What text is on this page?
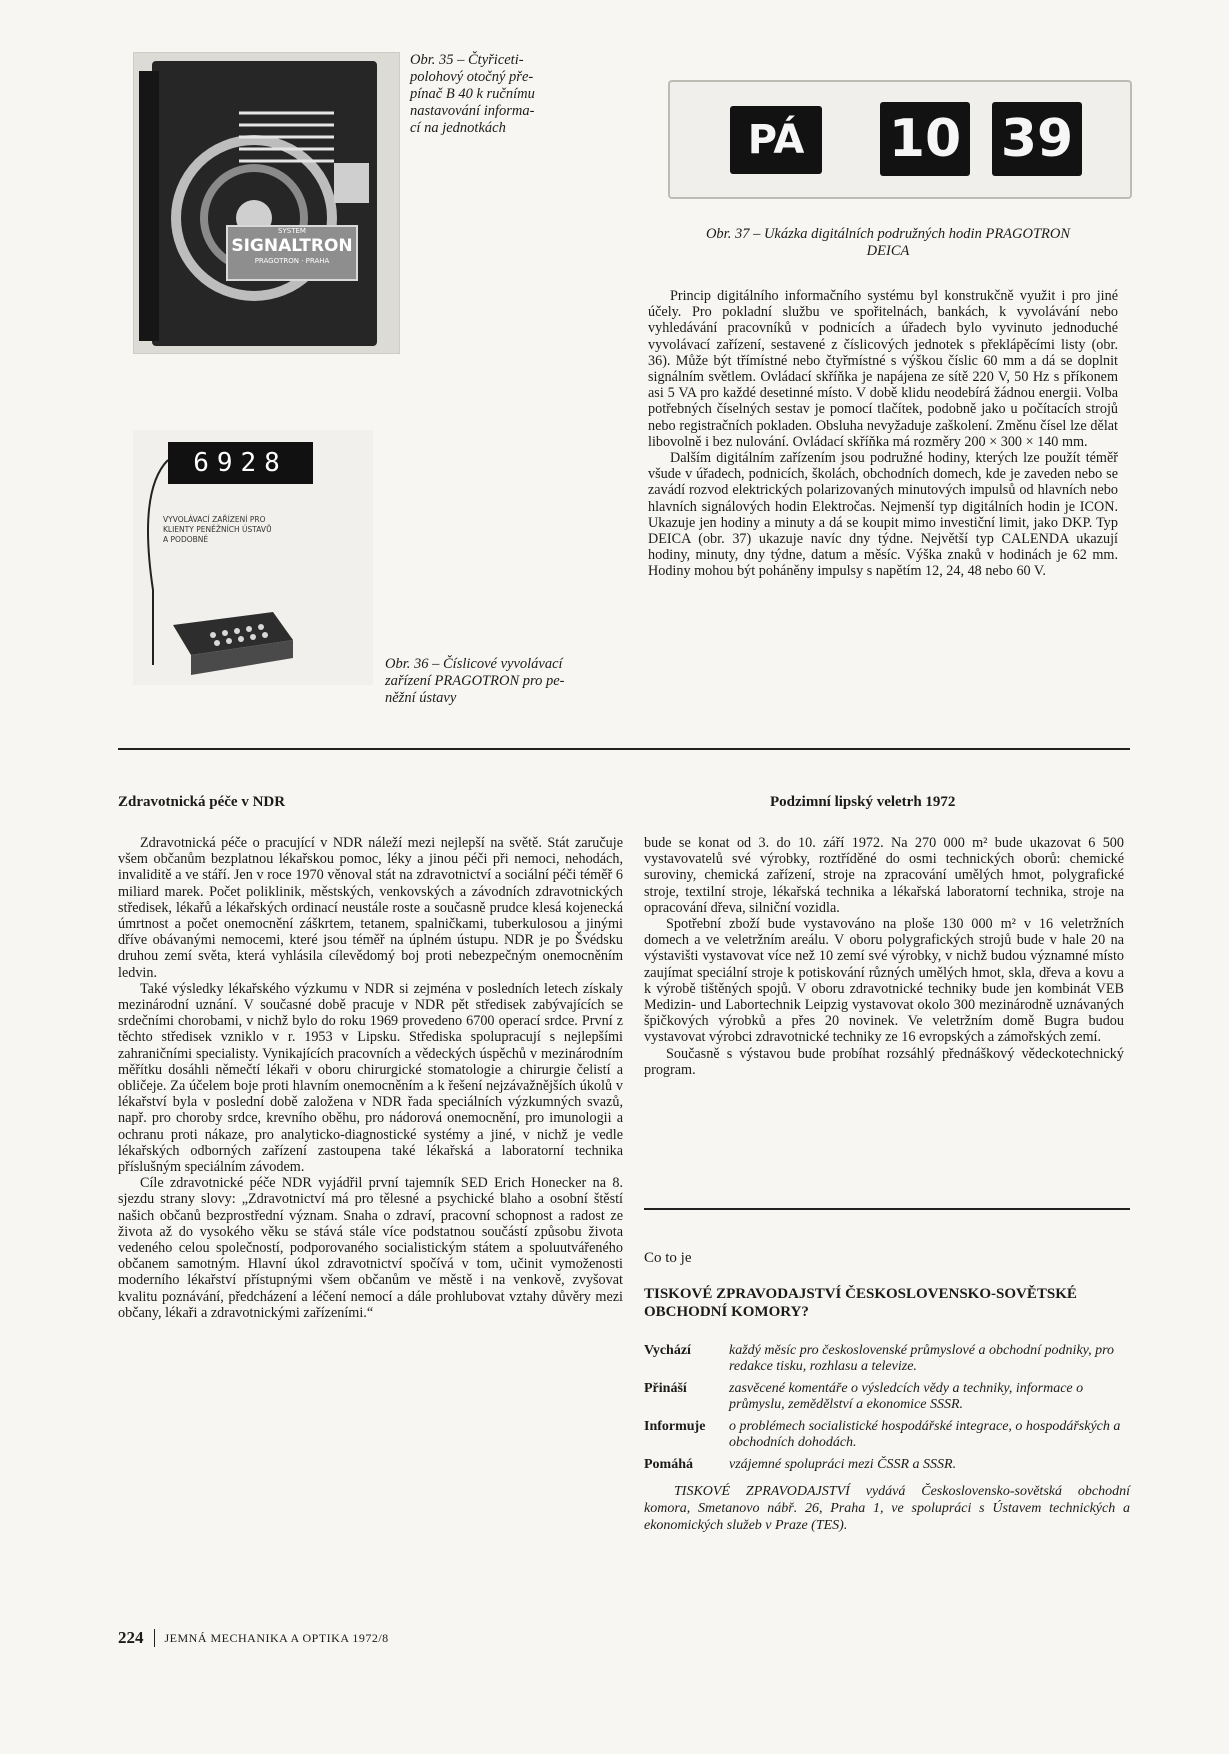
SYSTEM
SIGNALTRON
PRAGOTRON · PRAHA
Obr. 35 – Čtyřiceti-
polohový otočný pře-
pínač B 40 k ručnímu
nastavování informa-
cí na jednotkách	PÁ	10 39
Obr. 37 – Ukázka digitálních podružných hodin PRAGOTRON
DEICA
6928
VYVOLÁVACÍ ZAŘÍZENÍ PRO
KLIENTY PENĚŽNÍCH ÚSTAVŮ
A PODOBNÉ
Obr. 36 – Číslicové vyvolávací
zařízení PRAGOTRON pro pe-
něžní ústavy

Princip digitálního informačního systému byl konstrukčně využit i pro jiné účely. Pro pokladní službu ve spořitelnách, bankách, k vyvolávání nebo vyhledávání pracovníků v podnicích a úřadech bylo vyvinuto jednoduché vyvolávací zařízení, sestavené z číslicových jednotek s překlápěcími listy (obr. 36). Může být třímístné nebo čtyřmístné s výškou číslic 60 mm a dá se doplnit signálním světlem. Ovládací skříňka je napájena ze sítě 220 V, 50 Hz s příkonem asi 5 VA pro každé desetinné místo. V době klidu neodebírá žádnou energii. Volba potřebných číselných sestav je pomocí tlačítek, podobně jako u počítacích strojů nebo registračních pokladen. Obsluha nevyžaduje zaškolení. Změnu čísel lze dělat libovolně i bez nulování. Ovládací skříňka má rozměry 200 × 300 × 140 mm.

Dalším digitálním zařízením jsou podružné hodiny, kterých lze použít téměř všude v úřadech, podnicích, školách, obchodních domech, kde je zaveden nebo se zavádí rozvod elektrických polarizovaných minutových impulsů od hlavních nebo hlavních signálových hodin Elektročas. Nejmenší typ digitálních hodin je ICON. Ukazuje jen hodiny a minuty a dá se koupit mimo investiční limit, jako DKP. Typ DEICA (obr. 37) ukazuje navíc dny týdne. Největší typ CALENDA ukazují hodiny, minuty, dny týdne, datum a měsíc. Výška znaků v hodinách je 62 mm. Hodiny mohou být poháněny impulsy s napětím 12, 24, 48 nebo 60 V.

Zdravotnická péče v NDR

Zdravotnická péče o pracující v NDR náleží mezi nejlepší na světě. Stát zaručuje všem občanům bezplatnou lékařskou pomoc, léky a jinou péči při nemoci, nehodách, invaliditě a ve stáří. Jen v roce 1970 věnoval stát na zdravotnictví a sociální péči téměř 6 miliard marek. Počet poliklinik, městských, venkovských a závodních zdravotnických středisek, lékařů a lékařských ordinací neustále roste a současně prudce klesá kojenecká úmrtnost a počet onemocnění záškrtem, tetanem, spalničkami, tuberkulosou a jinými dříve obávanými nemocemi, které jsou téměř na úplném ústupu. NDR je po Švédsku druhou zemí světa, která vyhlásila cílevědomý boj proti nebezpečným onemocněním ledvin.

Také výsledky lékařského výzkumu v NDR si zejména v posledních letech získaly mezinárodní uznání. V současné době pracuje v NDR pět středisek zabývajících se srdečními chorobami, v nichž bylo do roku 1969 provedeno 6700 operací srdce. První z těchto středisek vzniklo v r. 1953 v Lipsku. Střediska spolupracují s nejlepšími zahraničními specialisty. Vynikajících pracovních a vědeckých úspěchů v mezinárodním měřítku dosáhli němečtí lékaři v oboru chirurgické stomatologie a chirurgie čelistí a obličeje. Za účelem boje proti hlavním onemocněním a k řešení nejzávažnějších úkolů v lékařství byla v poslední době založena v NDR řada speciálních výzkumných svazů, např. pro choroby srdce, krevního oběhu, pro nádorová onemocnění, pro imunologii a ochranu proti nákaze, pro analyticko-diagnostické systémy a jiné, v nichž je vedle lékařských odborných zařízení zastoupena také lékařská a laboratorní technika příslušným speciálním závodem.

Cíle zdravotnické péče NDR vyjádřil první tajemník SED Erich Honecker na 8. sjezdu strany slovy: „Zdravotnictví má pro tělesné a psychické blaho a osobní štěstí našich občanů bezprostřední význam. Snaha o zdraví, pracovní schopnost a radost ze života až do vysokého věku se stává stále více podstatnou součástí způsobu života vedeného celou společností, podporovaného socialistickým státem a spoluutvářeného občanem samotným. Hlavní úkol zdravotnictví spočívá v tom, učinit vymoženosti moderního lékařství přístupnými všem občanům ve městě i na venkově, zvyšovat kvalitu poznávání, předcházení a léčení nemocí a dále prohlubovat vztahy důvěry mezi občany, lékaři a zdravotnickými zařízeními.“

Podzimní lipský veletrh 1972

bude se konat od 3. do 10. září 1972. Na 270 000 m² bude ukazovat 6 500 vystavovatelů své výrobky, roztříděné do osmi technických oborů: chemické suroviny, chemická zařízení, stroje na zpracování umělých hmot, polygrafické stroje, textilní stroje, lékařská technika a lékařská laboratorní technika, stroje na opracování dřeva, silniční vozidla.

Spotřební zboží bude vystavováno na ploše 130 000 m² v 16 veletržních domech a ve veletržním areálu. V oboru polygrafických strojů bude v hale 20 na výstavišti vystavovat více než 10 zemí své výrobky, v nichž budou významné místo zaujímat speciální stroje k potiskování různých umělých hmot, skla, dřeva a kovu a k výrobě tištěných spojů. V oboru zdravotnické techniky bude jen kombinát VEB Medizin- und Labortechnik Leipzig vystavovat okolo 300 mezinárodně uznávaných špičkových výrobků a přes 20 novinek. Ve veletržním domě Bugra budou vystavovat výrobci zdravotnické techniky ze 16 evropských a zámořských zemí.

Současně s výstavou bude probíhat rozsáhlý přednáškový vědeckotechnický program.

Co to je
TISKOVÉ ZPRAVODAJSTVÍ ČESKOSLOVENSKO-SOVĚTSKÉ OBCHODNÍ KOMORY?
Vychází	každý měsíc pro československé průmyslové a obchodní podniky, pro redakce tisku, rozhlasu a televize.
Přináší	zasvěcené komentáře o výsledcích vědy a techniky, informace o průmyslu, zemědělství a ekonomice SSSR.
Informuje	o problémech socialistické hospodářské integrace, o hospodářských a obchodních dohodách.
Pomáhá	vzájemné spolupráci mezi ČSSR a SSSR.
TISKOVÉ ZPRAVODAJSTVÍ vydává Československo-sovětská obchodní komora, Smetanovo nábř. 26, Praha 1, ve spolupráci s Ústavem technických a ekonomických služeb v Praze (TES).
224 JEMNÁ MECHANIKA A OPTIKA 1972/8
